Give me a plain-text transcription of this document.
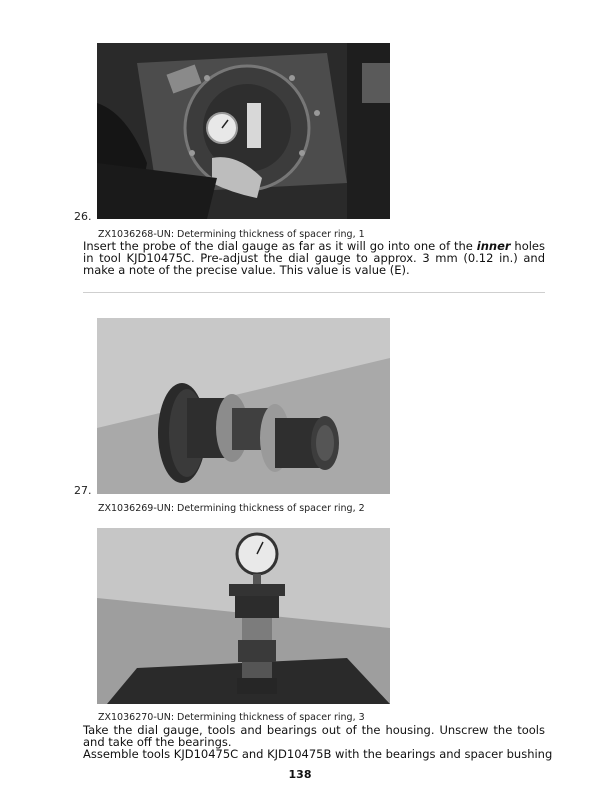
26.
ZX1036268-UN: Determining thickness of spacer ring, 1
Insert the probe of the dial gauge as far as it will go into one of the inner holes in tool KJD10475C. Pre-adjust the dial gauge to approx. 3 mm (0.12 in.) and make a note of the precise value. This value is value (E).
27.
ZX1036269-UN: Determining thickness of spacer ring, 2
ZX1036270-UN: Determining thickness of spacer ring, 3
Take the dial gauge, tools and bearings out of the housing. Unscrew the tools and take off the bearings.
Assemble tools KJD10475C and KJD10475B with the bearings and spacer bushing
138
